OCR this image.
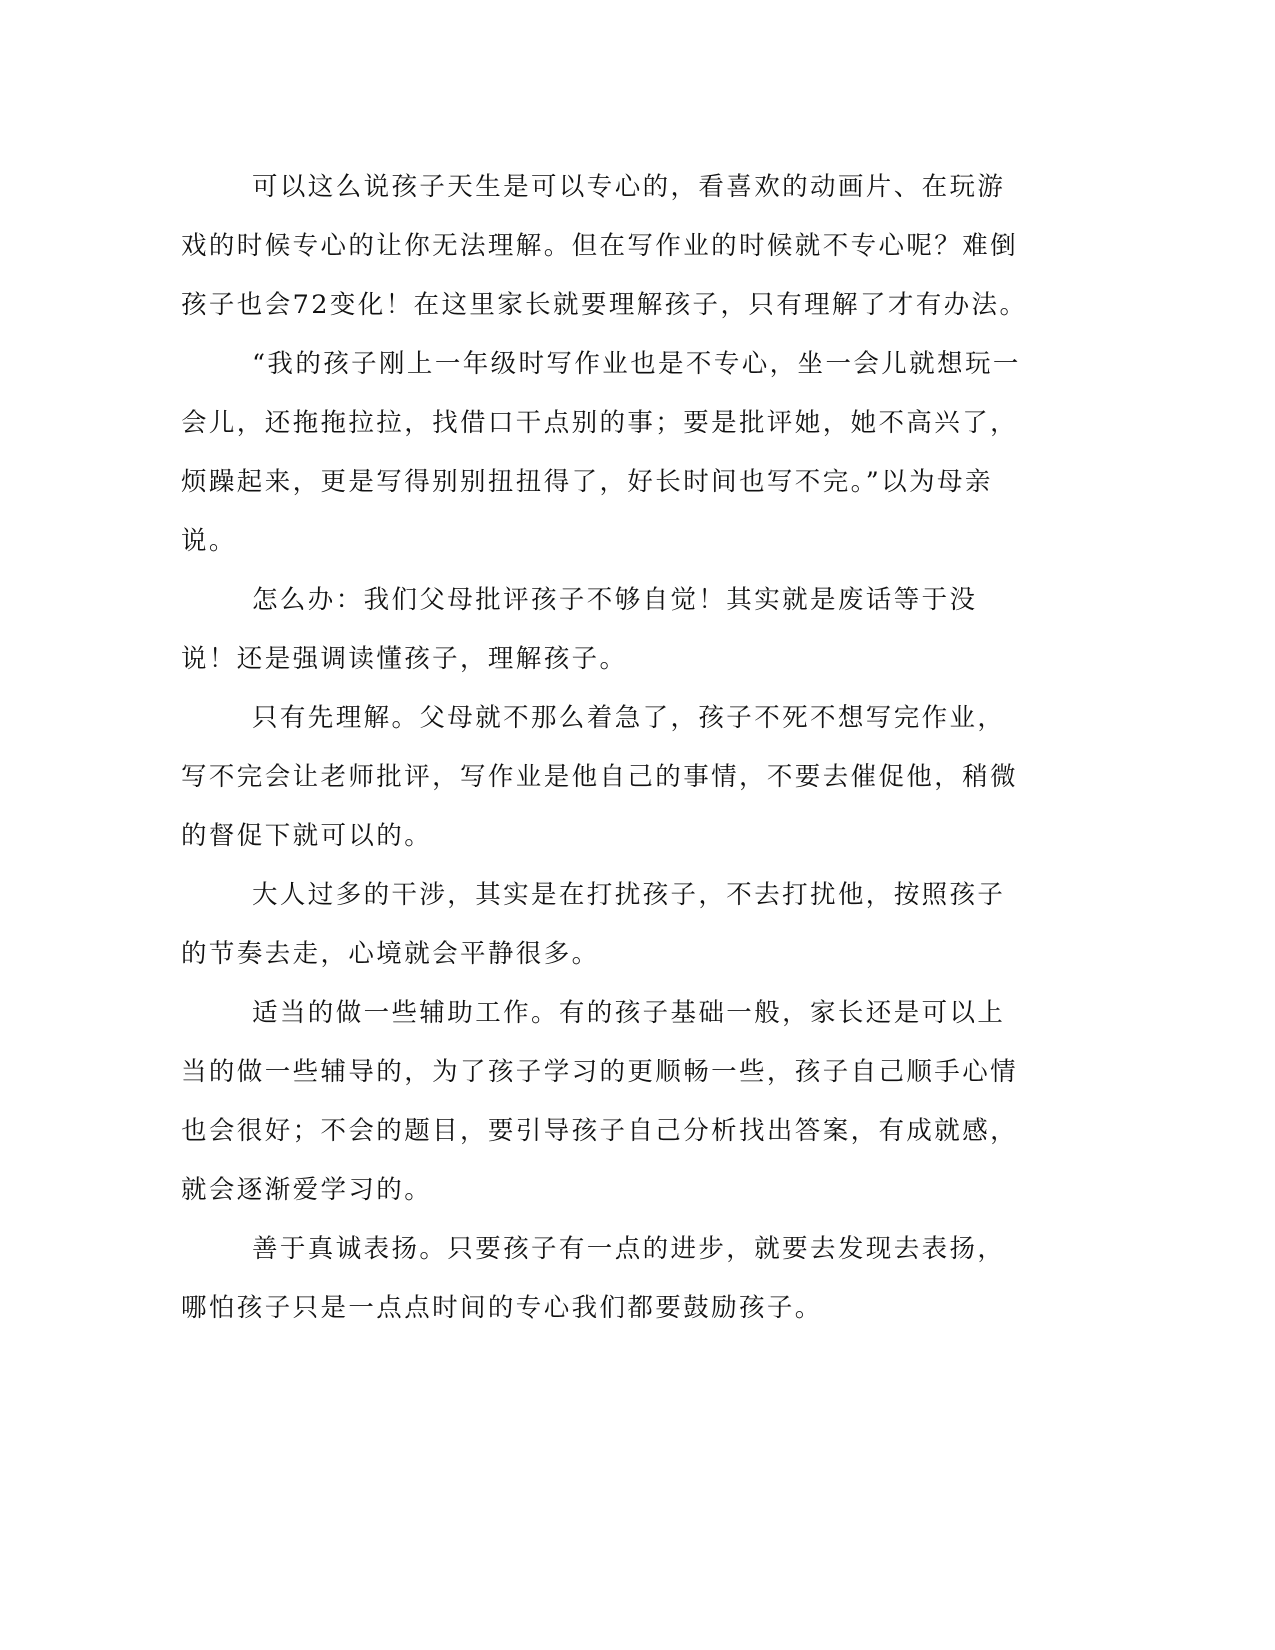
可以这么说孩子天生是可以专心的，看喜欢的动画片、在玩游戏的时候专心的让你无法理解。但在写作业的时候就不专心呢？难倒孩子也会72变化！在这里家长就要理解孩子，只有理解了才有办法。

“我的孩子刚上一年级时写作业也是不专心，坐一会儿就想玩一会儿，还拖拖拉拉，找借口干点别的事；要是批评她，她不高兴了，烦躁起来，更是写得别别扭扭得了，好长时间也写不完。”以为母亲说。

怎么办：我们父母批评孩子不够自觉！其实就是废话等于没说！还是强调读懂孩子，理解孩子。

只有先理解。父母就不那么着急了，孩子不死不想写完作业，写不完会让老师批评，写作业是他自己的事情，不要去催促他，稍微的督促下就可以的。

大人过多的干涉，其实是在打扰孩子，不去打扰他，按照孩子的节奏去走，心境就会平静很多。

适当的做一些辅助工作。有的孩子基础一般，家长还是可以上当的做一些辅导的，为了孩子学习的更顺畅一些，孩子自己顺手心情也会很好；不会的题目，要引导孩子自己分析找出答案，有成就感，就会逐渐爱学习的。

善于真诚表扬。只要孩子有一点的进步，就要去发现去表扬，哪怕孩子只是一点点时间的专心我们都要鼓励孩子。
